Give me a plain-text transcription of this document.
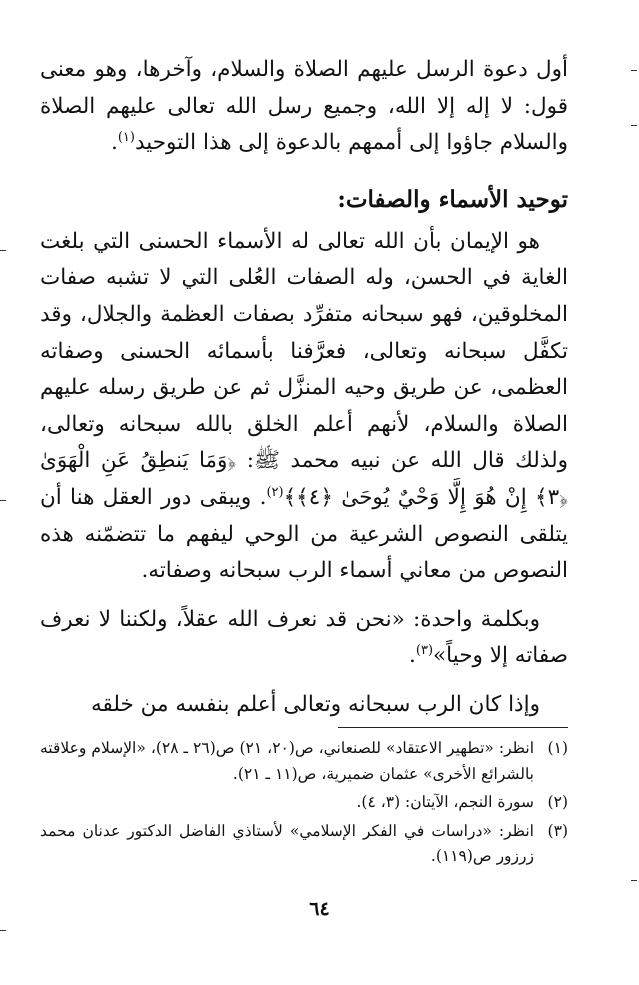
أول دعوة الرسل عليهم الصلاة والسلام، وآخرها، وهو معنى قول: لا إله إلا الله، وجميع رسل الله تعالى عليهم الصلاة والسلام جاؤوا إلى أممهم بالدعوة إلى هذا التوحيد$^{(١)}$.

توحيد الأسماء والصفات:

هو الإيمان بأن الله تعالى له الأسماء الحسنى التي بلغت الغاية في الحسن، وله الصفات العُلى التي لا تشبه صفات المخلوقين، فهو سبحانه متفرِّد بصفات العظمة والجلال، وقد تكفَّل سبحانه وتعالى، فعرَّفنا بأسمائه الحسنى وصفاته العظمى، عن طريق وحيه المنزَّل ثم عن طريق رسله عليهم الصلاة والسلام، لأنهم أعلم الخلق بالله سبحانه وتعالى، ولذلك قال الله عن نبيه محمد ﷺ: ﴿وَمَا يَنطِقُ عَنِ الْهَوَىٰ ﴿٣﴾ إِنْ هُوَ إِلَّا وَحْيٌ يُوحَىٰ ﴿٤﴾﴾$^{(٢)}$. ويبقى دور العقل هنا أن يتلقى النصوص الشرعية من الوحي ليفهم ما تتضمّنه هذه النصوص من معاني أسماء الرب سبحانه وصفاته.

وبكلمة واحدة: «نحن قد نعرف الله عقلاً، ولكننا لا نعرف صفاته إلا وحياً»$^{(٣)}$.

وإذا كان الرب سبحانه وتعالى أعلم بنفسه من خلقه

(١)
انظر: «تطهير الاعتقاد» للصنعاني، ص(٢٠، ٢١) ص(٢٦ ـ ٢٨)، «الإسلام وعلاقته بالشرائع الأخرى» عثمان ضميرية، ص(١١ ـ ٢١).
(٢)
سورة النجم، الآيتان: (٣، ٤).
(٣)
انظر: «دراسات في الفكر الإسلامي» لأستاذي الفاضل الدكتور عدنان محمد زرزور ص(١١٩).
٦٤
